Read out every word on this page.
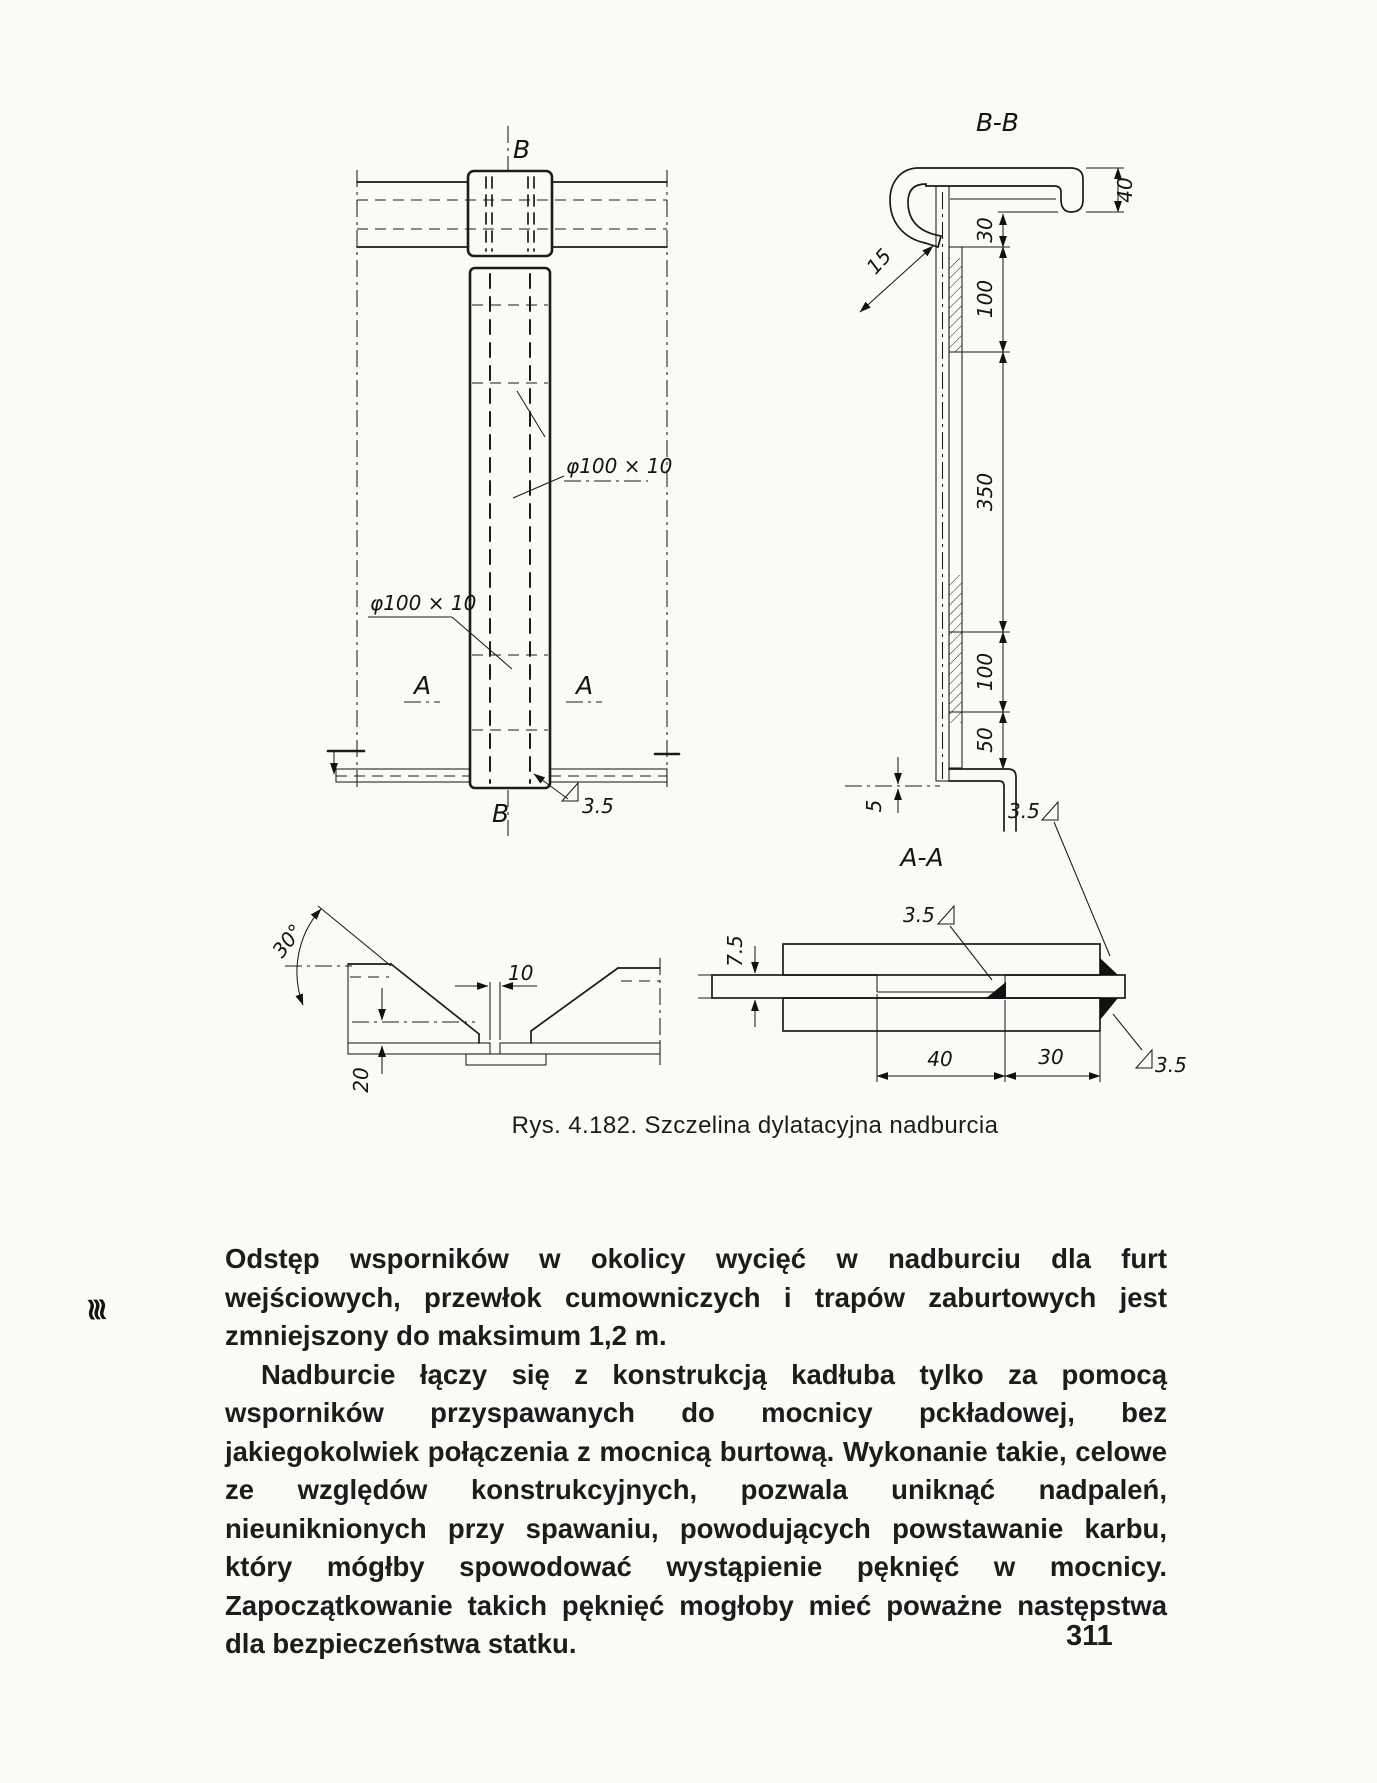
B
B
A	A
φ100 × 10
φ100 × 10
3.5
B-B
5
30
100
350
100
50
40
15
10
30°
20
A-A
7.5
3.5
3.5
3.5
40	30
Rys. 4.182. Szczelina dylatacyjna nadburcia

Odstęp wsporników w okolicy wycięć w nadburciu dla furt wejściowych, przewłok cumowniczych i trapów zaburtowych jest zmniejszony do maksimum 1,2 m.

Nadburcie łączy się z konstrukcją kadłuba tylko za pomocą wsporników przyspawanych do mocnicy pckładowej, bez jakiegokolwiek połączenia z mocnicą burtową. Wykonanie takie, celowe ze względów konstrukcyjnych, pozwala uniknąć nadpaleń, nieuniknionych przy spawaniu, powodujących powstawanie karbu, który mógłby spowodować wystąpienie pęknięć w mocnicy. Zapoczątkowanie takich pęknięć mogłoby mieć poważne następstwa dla bezpieczeństwa statku.

≋
311
